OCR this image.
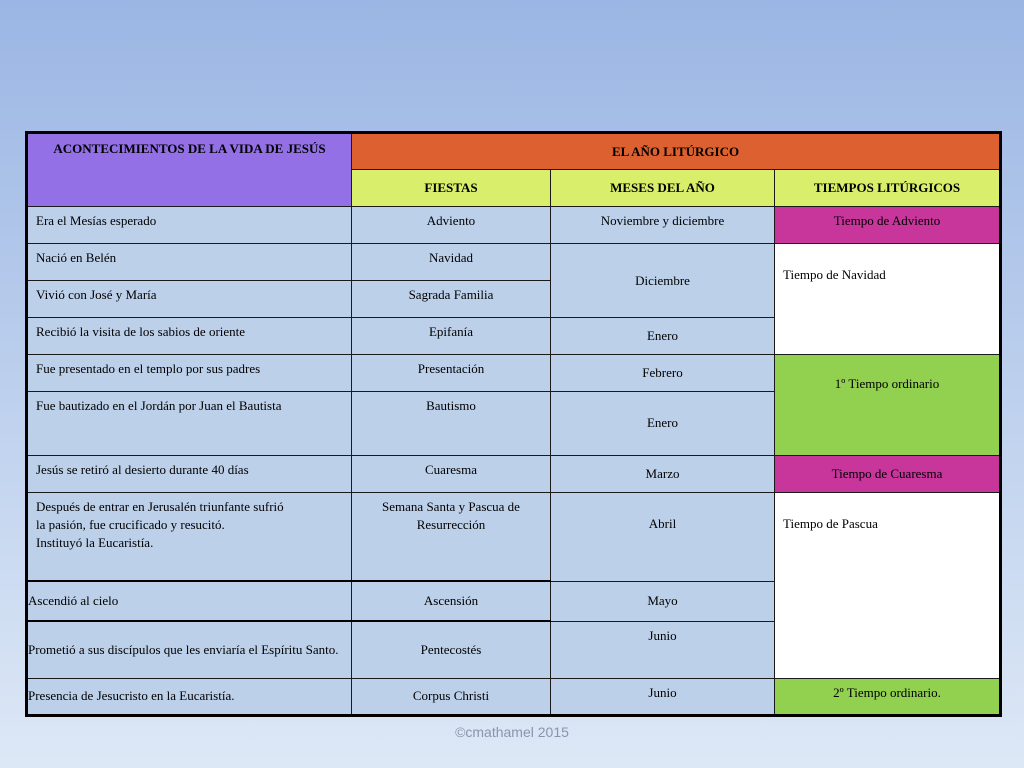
ACONTECIMIENTOS DE LA VIDA DE JESÚS	EL AÑO LITÚRGICO		
	FIESTAS	MESES DEL AÑO	TIEMPOS LITÚRGICOS
Era el Mesías esperado	Adviento	Noviembre y diciembre	Tiempo de Adviento
Nació en Belén	Navidad	Diciembre	Tiempo de Navidad
Vivió con José y María	Sagrada Familia		
Recibió la visita de los sabios de oriente	Epifanía	Enero	
Fue presentado en el templo por sus padres	Presentación	Febrero	1º Tiempo ordinario
Fue bautizado en el Jordán por Juan el Bautista	Bautismo	Enero	
Jesús se retiró al desierto durante 40 días	Cuaresma	Marzo	Tiempo de Cuaresma

Después de entrar en Jerusalén triunfante sufrió
la pasión, fue crucificado y resucitó.
Instituyó la Eucaristía.	Semana Santa y Pascua de Resurrección	Abril	Tiempo de Pascua
Ascendió al cielo	Ascensión	Mayo	
Prometió a sus discípulos que les enviaría el Espíritu Santo.	Pentecostés	Junio	
Presencia de Jesucristo en la Eucaristía.	Corpus Christi	Junio	2º Tiempo ordinario.
©cmathamel 2015
